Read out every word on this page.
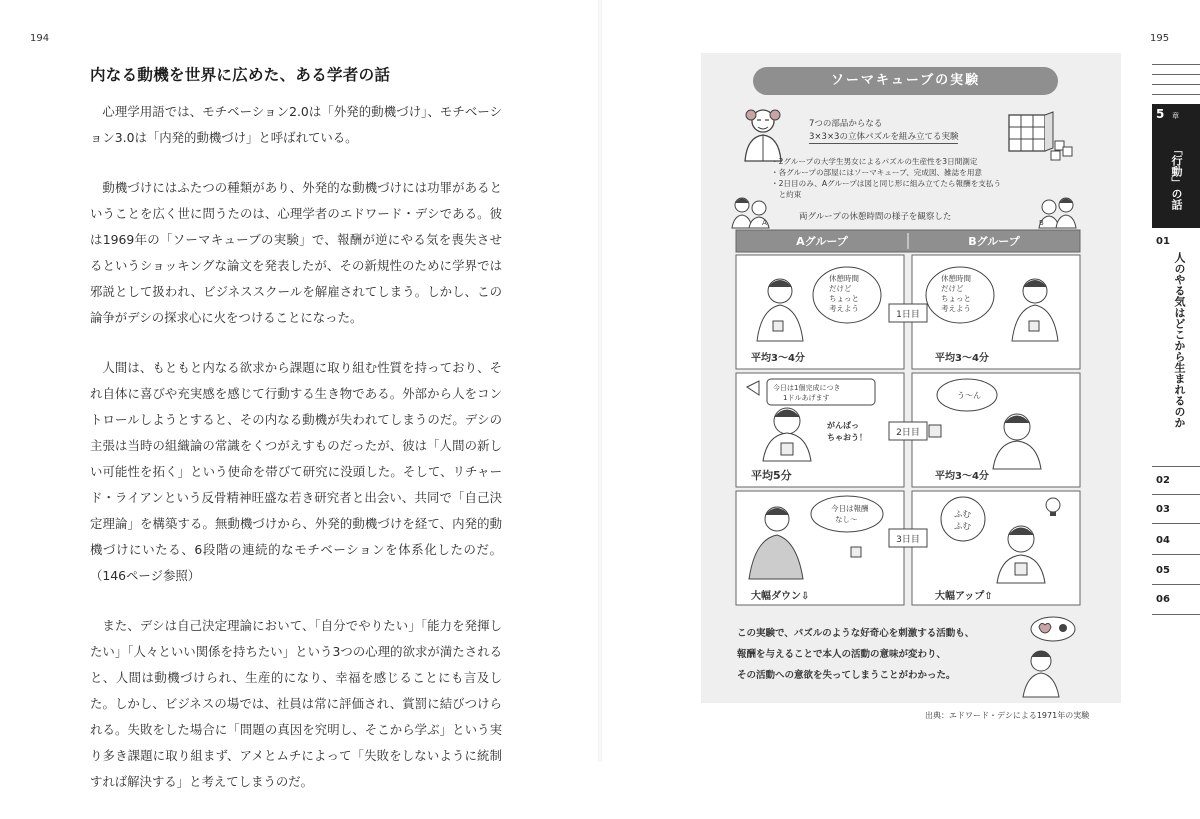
194	195
内なる動機を世界に広めた、ある学者の話

心理学用語では、モチベーション2.0は「外発的動機づけ」、モチベーション3.0は「内発的動機づけ」と呼ばれている。

動機づけにはふたつの種類があり、外発的な動機づけには功罪があるということを広く世に問うたのは、心理学者のエドワード・デシである。彼は1969年の「ソーマキューブの実験」で、報酬が逆にやる気を喪失させるというショッキングな論文を発表したが、その新規性のために学界では邪説として扱われ、ビジネススクールを解雇されてしまう。しかし、この論争がデシの探求心に火をつけることになった。

人間は、もともと内なる欲求から課題に取り組む性質を持っており、それ自体に喜びや充実感を感じて行動する生き物である。外部から人をコントロールしようとすると、その内なる動機が失われてしまうのだ。デシの主張は当時の組織論の常識をくつがえすものだったが、彼は「人間の新しい可能性を拓く」という使命を帯びて研究に没頭した。そして、リチャード・ライアンという反骨精神旺盛な若き研究者と出会い、共同で「自己決定理論」を構築する。無動機づけから、外発的動機づけを経て、内発的動機づけにいたる、6段階の連続的なモチベーションを体系化したのだ。（146ページ参照）

また、デシは自己決定理論において、「自分でやりたい」「能力を発揮したい」「人々といい関係を持ちたい」という3つの心理的欲求が満たされると、人間は動機づけられ、生産的になり、幸福を感じることにも言及した。しかし、ビジネスの場では、社員は常に評価され、賞罰に結びつけられる。失敗をした場合に「問題の真因を究明し、そこから学ぶ」という実り多き課題に取り組まず、アメとムチによって「失敗をしないように統制すれば解決する」と考えてしまうのだ。

ソーマキューブの実験
7つの部品からなる
3×3×3の立体パズルを組み立てる実験
・2グループの大学生男女によるパズルの生産性を3日間測定
・各グループの部屋にはソーマキューブ、完成図、雑誌を用意
・2日目のみ、Aグループは図と同じ形に組み立てたら報酬を支払う
　と約束
A	B
両グループの休憩時間の様子を観察した
Aグループ	Bグループ
1日目
2日目
3日目
休憩時間 だけど ちょっと 考えよう
平均3〜4分
休憩時間 だけど ちょっと 考えよう
平均3〜4分
今日は1個完成につき 1ドルあげます
がんばっ ちゃおう！
平均5分
う〜ん
平均3〜4分
今日は報酬 なし〜
大幅ダウン⇩
ふむ ふむ
大幅アップ⇧
この実験で、パズルのような好奇心を刺激する活動も、
報酬を与えることで本人の活動の意味が変わり、
その活動への意欲を失ってしまうことがわかった。
出典：エドワード・デシによる1971年の実験
5 章
「行動」の話
01
人のやる気はどこから生まれるのか
02
03
04
05
06
